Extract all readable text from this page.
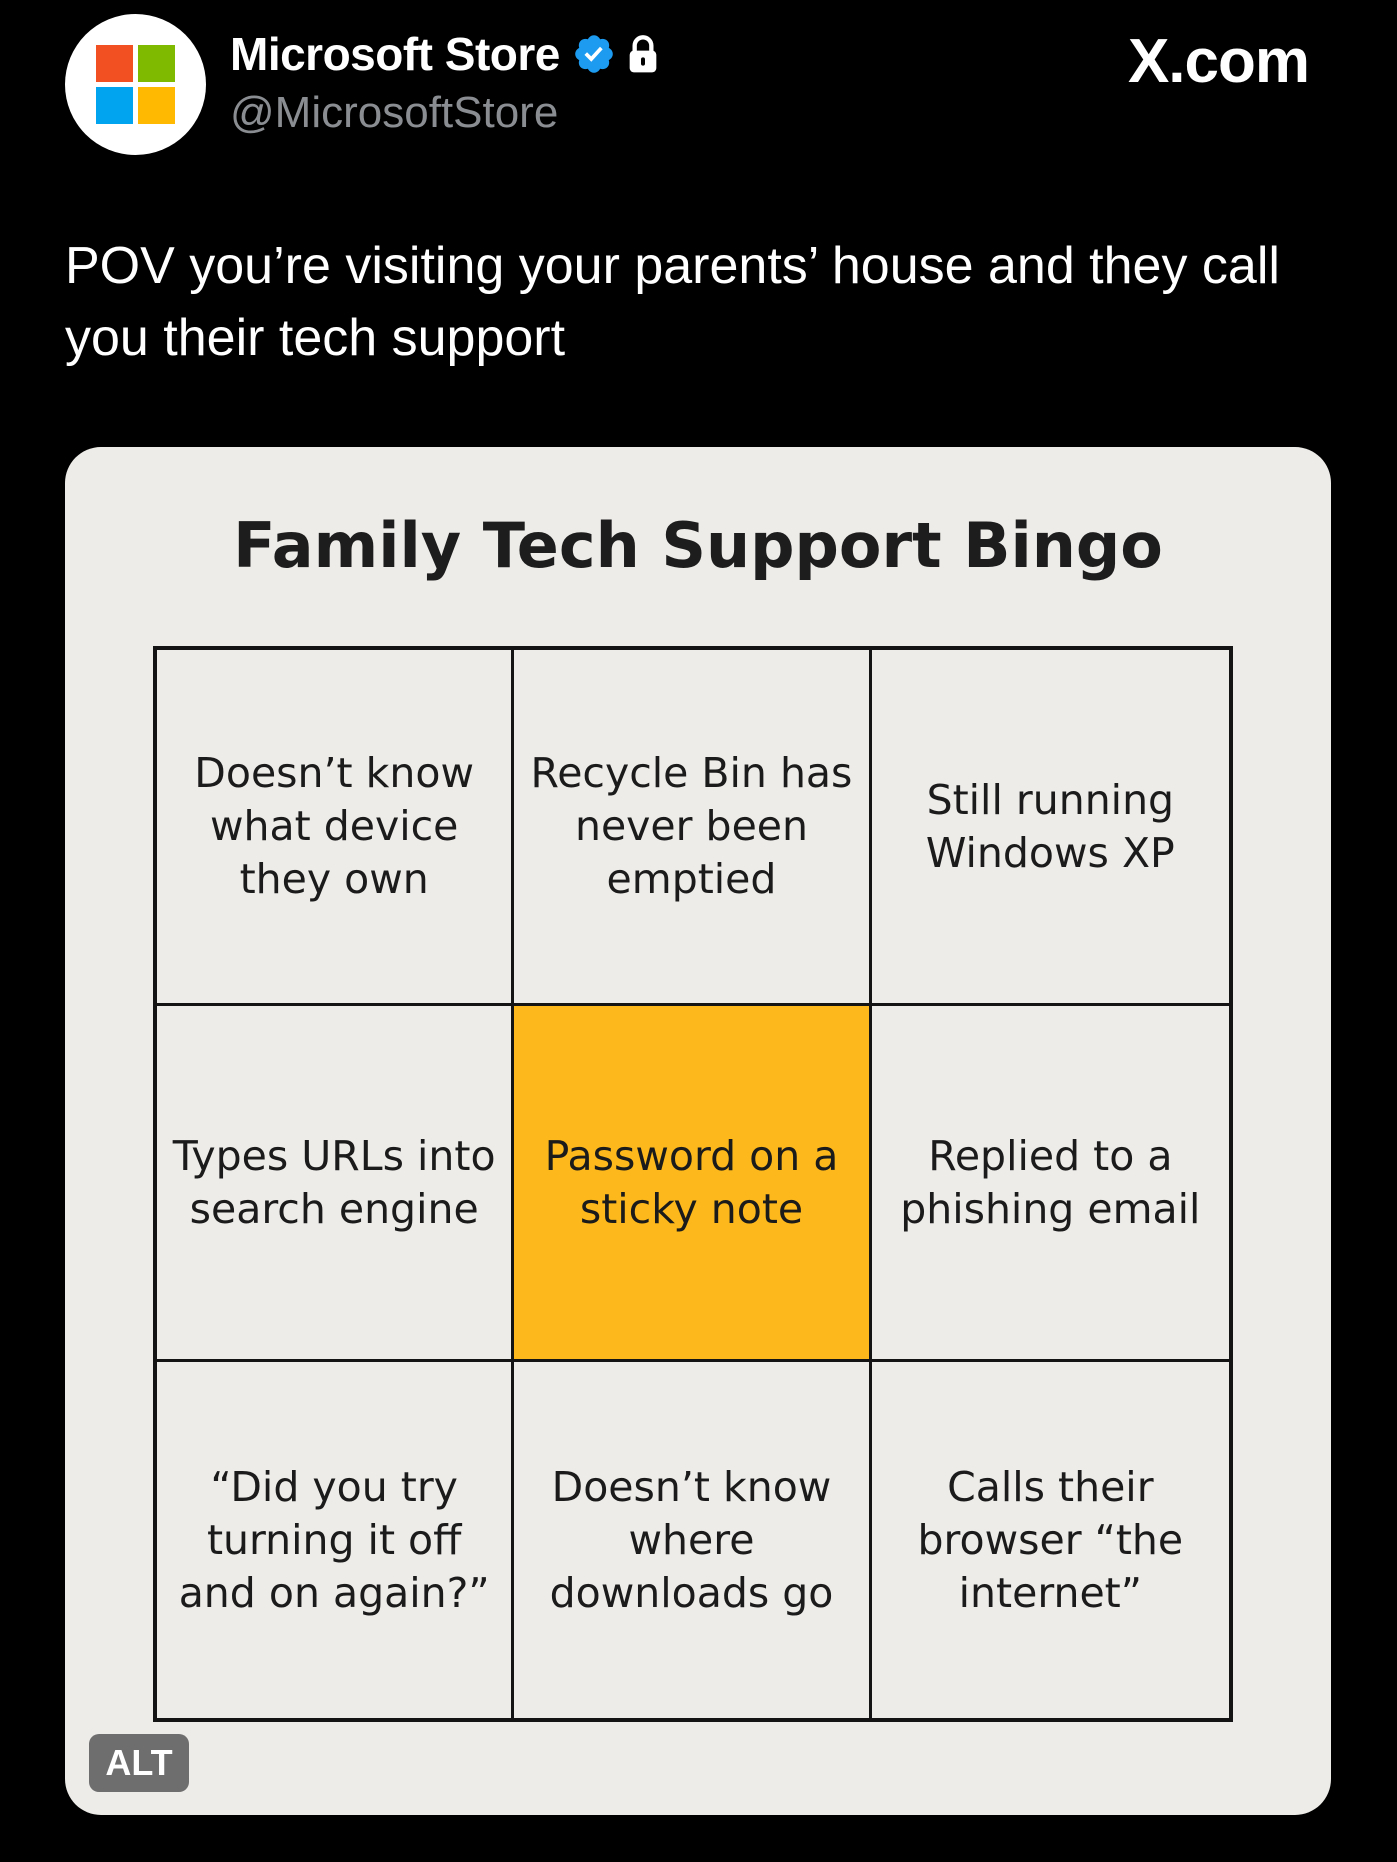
Microsoft Store
@MicrosoftStore
X.com

POV you’re visiting your parents’ house and they call you their tech support

Family Tech Support Bingo
Doesn’t know what device they own
Recycle Bin has never been emptied
Still running Windows XP
Types URLs into search engine
Password on a sticky note
Replied to a phishing email
“Did you try turning it off and on again?”
Doesn’t know where downloads go
Calls their browser “the internet”
ALT
